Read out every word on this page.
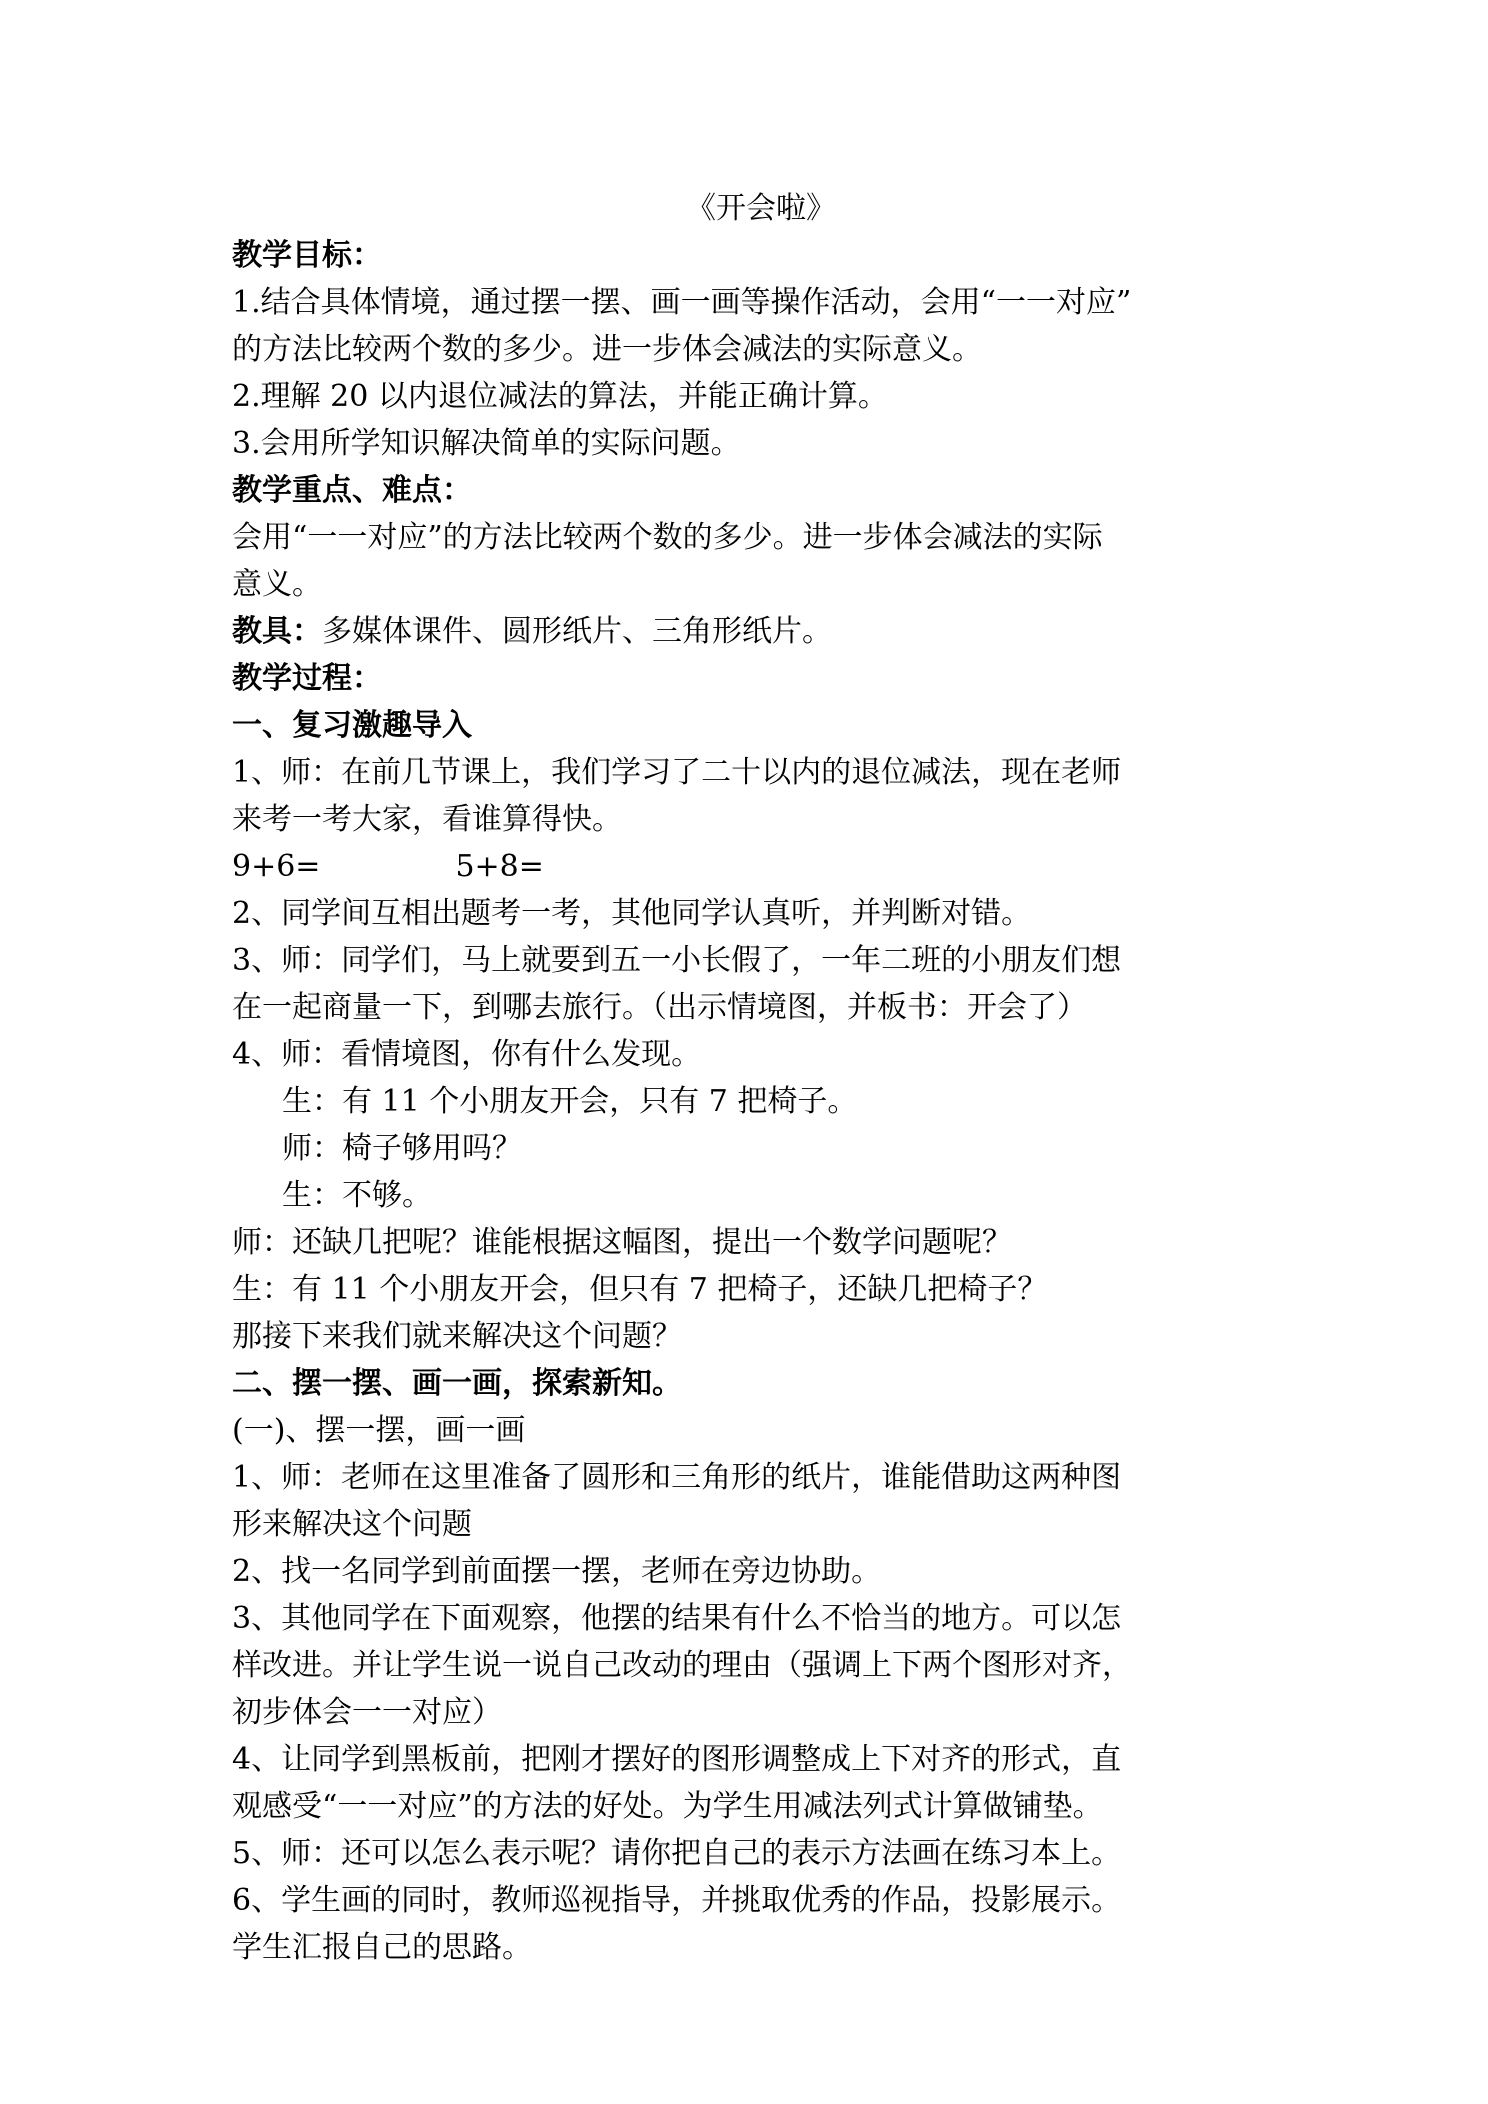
《开会啦》

教学目标：

1.结合具体情境，通过摆一摆、画一画等操作活动，会用“一一对应”

的方法比较两个数的多少。进一步体会减法的实际意义。

2.理解 20 以内退位减法的算法，并能正确计算。

3.会用所学知识解决简单的实际问题。

教学重点、难点：

会用“一一对应”的方法比较两个数的多少。进一步体会减法的实际

意义。

教具：多媒体课件、圆形纸片、三角形纸片。

教学过程：

一、复习激趣导入

1、师：在前几节课上，我们学习了二十以内的退位减法，现在老师

来考一考大家，看谁算得快。

9+6=	5+8=

2、同学间互相出题考一考，其他同学认真听，并判断对错。

3、师：同学们，马上就要到五一小长假了，一年二班的小朋友们想

在一起商量一下，到哪去旅行。（出示情境图，并板书：开会了）

4、师：看情境图，你有什么发现。

生：有 11 个小朋友开会，只有 7 把椅子。

师：椅子够用吗？

生：不够。

师：还缺几把呢？谁能根据这幅图，提出一个数学问题呢？

生：有 11 个小朋友开会，但只有 7 把椅子，还缺几把椅子？

那接下来我们就来解决这个问题？

二、摆一摆、画一画，探索新知。

(一)、摆一摆，画一画

1、师：老师在这里准备了圆形和三角形的纸片，谁能借助这两种图

形来解决这个问题

2、找一名同学到前面摆一摆，老师在旁边协助。

3、其他同学在下面观察，他摆的结果有什么不恰当的地方。可以怎

样改进。并让学生说一说自己改动的理由（强调上下两个图形对齐，

初步体会一一对应）

4、让同学到黑板前，把刚才摆好的图形调整成上下对齐的形式，直

观感受“一一对应”的方法的好处。为学生用减法列式计算做铺垫。

5、师：还可以怎么表示呢？请你把自己的表示方法画在练习本上。

6、学生画的同时，教师巡视指导，并挑取优秀的作品，投影展示。

学生汇报自己的思路。
